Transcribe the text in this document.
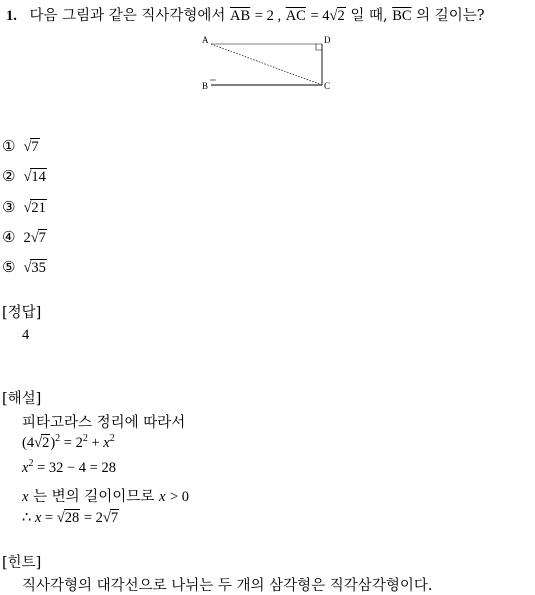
1. 다음 그림과 같은 직사각형에서 $\overline{AB} = 2$ , $\overline{AC} = 4√2$ 일 때, $\overline{BC}$ 의 길이는?
A	D
B	C
① √7
② √14
③ √21
④ 2√7
⑤ √35
[정답]
4
[해설]
피타고라스 정리에 따라서
$(4√2)^2 = 2^2 + x^2$
$x^2 = 32 - 4 = 28$
x 는 변의 길이이므로 x > 0
∴ x = √28 = 2√7
[힌트]
직사각형의 대각선으로 나뉘는 두 개의 삼각형은 직각삼각형이다.
